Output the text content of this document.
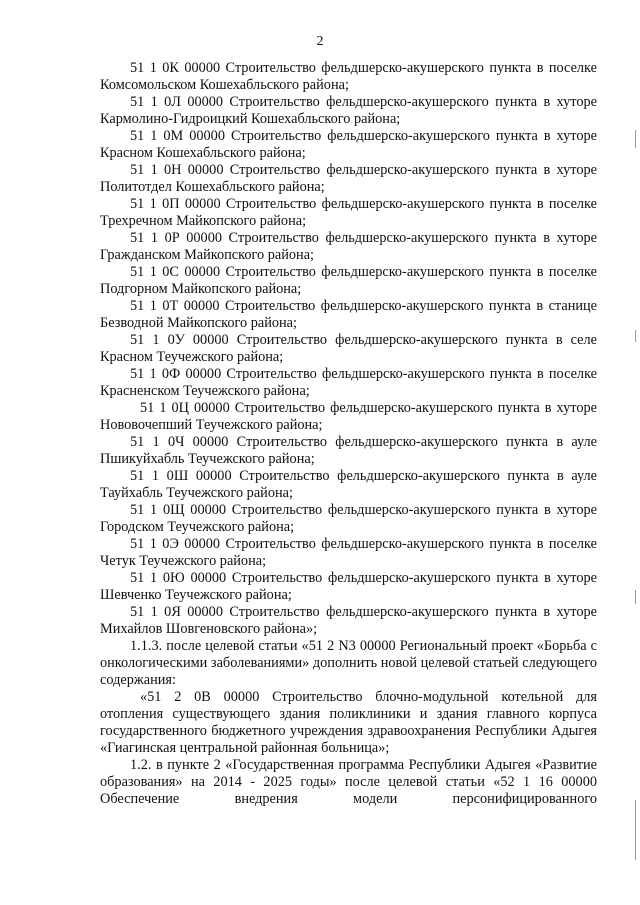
2

51 1 0К 00000 Строительство фельдшерско-акушерского пункта в поселке Комсомольском Кошехабльского района;

51 1 0Л 00000 Строительство фельдшерско-акушерского пункта в хуторе Кармолино-Гидроицкий Кошехабльского района;

51 1 0М 00000 Строительство фельдшерско-акушерского пункта в хуторе Красном Кошехабльского района;

51 1 0Н 00000 Строительство фельдшерско-акушерского пункта в хуторе Политотдел Кошехабльского района;

51 1 0П 00000 Строительство фельдшерско-акушерского пункта в поселке Трехречном Майкопского района;

51 1 0Р 00000 Строительство фельдшерско-акушерского пункта в хуторе Гражданском Майкопского района;

51 1 0С 00000 Строительство фельдшерско-акушерского пункта в поселке Подгорном Майкопского района;

51 1 0Т 00000 Строительство фельдшерско-акушерского пункта в станице Безводной Майкопского района;

51 1 0У 00000 Строительство фельдшерско-акушерского пункта в селе Красном Теучежского района;

51 1 0Ф 00000 Строительство фельдшерско-акушерского пункта в поселке Красненском Теучежского района;

51 1 0Ц 00000 Строительство фельдшерско-акушерского пункта в хуторе Нововочепший Теучежского района;

51 1 0Ч 00000 Строительство фельдшерско-акушерского пункта в ауле Пшикуйхабль Теучежского района;

51 1 0Ш 00000 Строительство фельдшерско-акушерского пункта в ауле Тауйхабль Теучежского района;

51 1 0Щ 00000 Строительство фельдшерско-акушерского пункта в хуторе Городском Теучежского района;

51 1 0Э 00000 Строительство фельдшерско-акушерского пункта в поселке Четук Теучежского района;

51 1 0Ю 00000 Строительство фельдшерско-акушерского пункта в хуторе Шевченко Теучежского района;

51 1 0Я 00000 Строительство фельдшерско-акушерского пункта в хуторе Михайлов Шовгеновского района»;

1.1.3. после целевой статьи «51 2 N3 00000 Региональный проект «Борьба с онкологическими заболеваниями» дополнить новой целевой статьей следующего содержания:

«51 2 0В 00000 Строительство блочно-модульной котельной для отопления существующего здания поликлиники и здания главного корпуса государственного бюджетного учреждения здравоохранения Республики Адыгея «Гиагинская центральной районная больница»;

1.2. в пункте 2 «Государственная программа Республики Адыгея «Развитие образования» на 2014 - 2025 годы» после целевой статьи «52 1 16 00000 Обеспечение внедрения модели персонифицированного
